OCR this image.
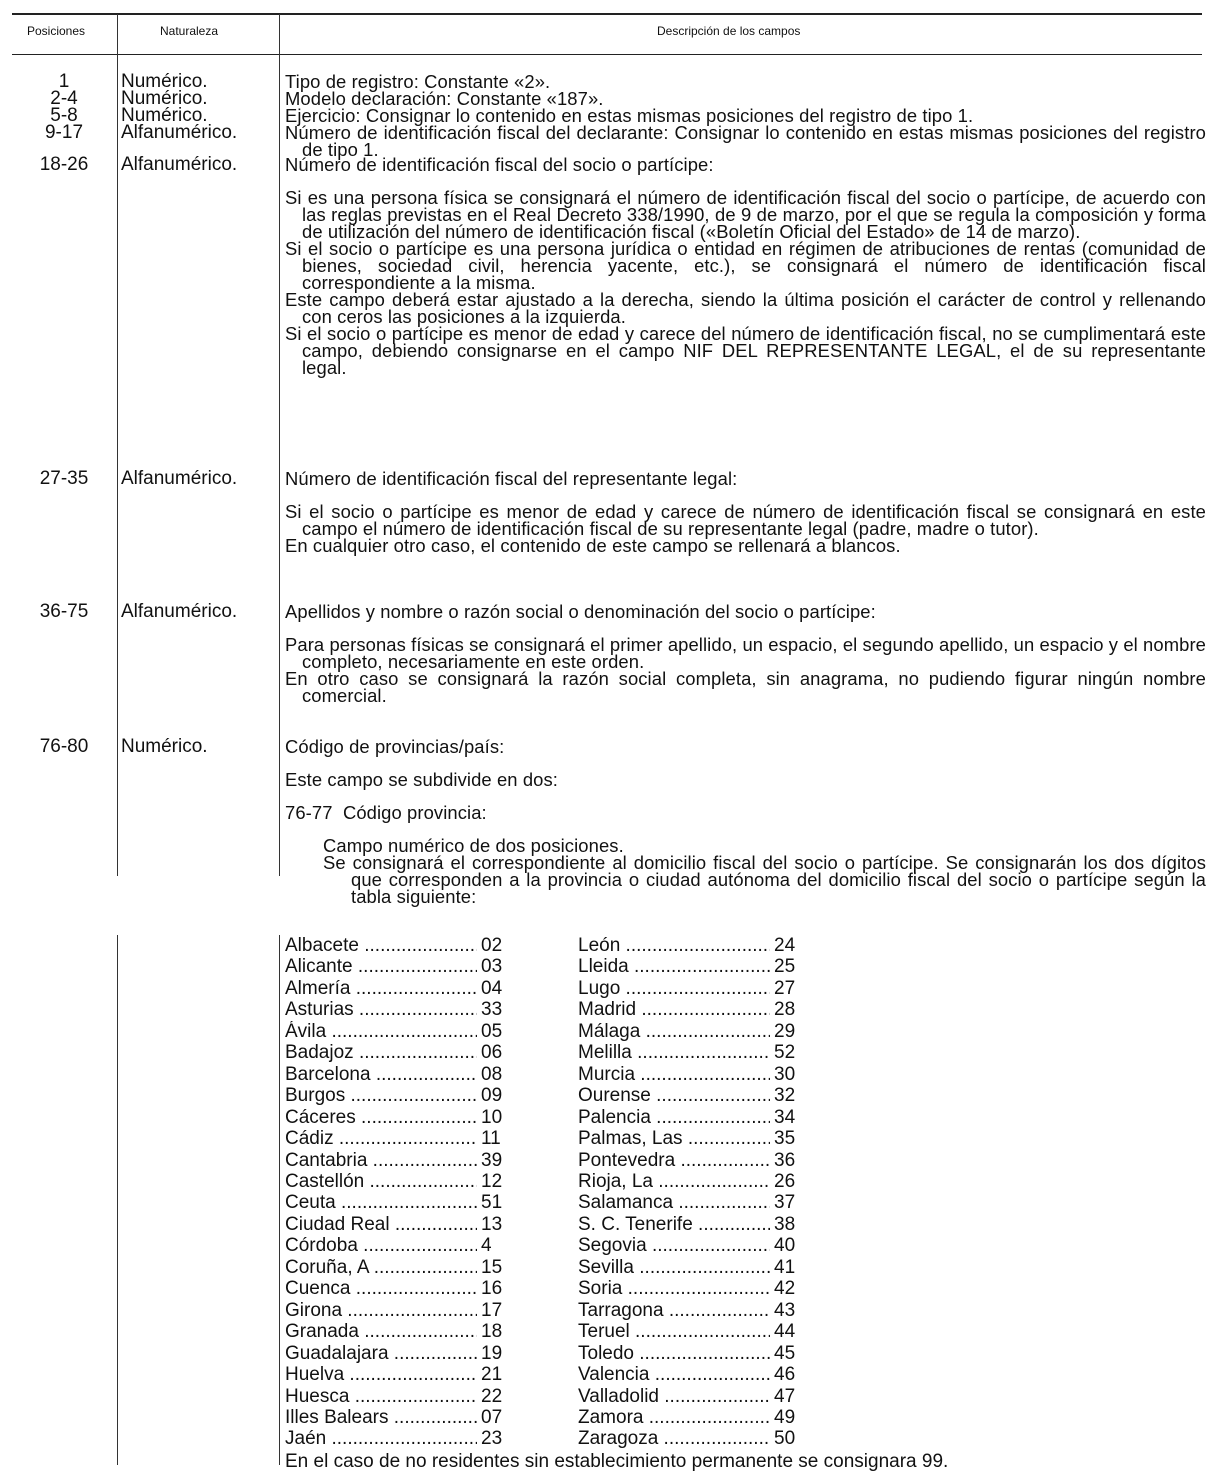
Posiciones	Naturaleza	Descripción de los campos
1	Numérico.	Tipo de registro: Constante «2».
2-4	Numérico.	Modelo declaración: Constante «187».
5-8	Numérico.	Ejercicio: Consignar lo contenido en estas mismas posiciones del registro de tipo 1.
9-17	Alfanumérico.	Número de identificación fiscal del declarante: Consignar lo contenido en estas mismas posiciones del registro de tipo 1.
18-26	Alfanumérico.	Número de identificación fiscal del socio o partícipe:
Si es una persona física se consignará el número de identificación fiscal del socio o partícipe, de acuerdo con las reglas previstas en el Real Decreto 338/1990, de 9 de marzo, por el que se regula la composición y forma de utilización del número de identificación fiscal («Boletín Oficial del Estado» de 14 de marzo).
Si el socio o partícipe es una persona jurídica o entidad en régimen de atribuciones de rentas (comunidad de bienes, sociedad civil, herencia yacente, etc.), se consignará el número de identificación fiscal correspondiente a la misma.
Este campo deberá estar ajustado a la derecha, siendo la última posición el carácter de control y rellenando con ceros las posiciones a la izquierda.
Si el socio o partícipe es menor de edad y carece del número de identificación fiscal, no se cumplimentará este campo, debiendo consignarse en el campo NIF DEL REPRESENTANTE LEGAL, el de su representante legal.
27-35	Alfanumérico.	Número de identificación fiscal del representante legal:
Si el socio o partícipe es menor de edad y carece de número de identificación fiscal se consignará en este campo el número de identificación fiscal de su representante legal (padre, madre o tutor).
En cualquier otro caso, el contenido de este campo se rellenará a blancos.
36-75	Alfanumérico.	Apellidos y nombre o razón social o denominación del socio o partícipe:
Para personas físicas se consignará el primer apellido, un espacio, el segundo apellido, un espacio y el nombre completo, necesariamente en este orden.
En otro caso se consignará la razón social completa, sin anagrama, no pudiendo figurar ningún nombre comercial.
76-80	Numérico.	Código de provincias/país:
Este campo se subdivide en dos:
76-77  Código provincia:
Campo numérico de dos posiciones.
Se consignará el correspondiente al domicilio fiscal del socio o partícipe. Se consignarán los dos dígitos que corresponden a la provincia o ciudad autónoma del domicilio fiscal del socio o partícipe según la tabla siguiente:
Albacete .....	02
Alicante .....	03
Almería .....	04
Asturias .....	33
Ávila .....	05
Badajoz .....	06
Barcelona .....	08
Burgos .....	09
Cáceres .....	10
Cádiz .....	11
Cantabria .....	39
Castellón .....	12
Ceuta .....	51
Ciudad Real .....	13
Córdoba .....	4
Coruña, A .....	15
Cuenca .....	16
Girona .....	17
Granada .....	18
Guadalajara .....	19
Huelva .....	21
Huesca .....	22
Illes Balears .....	07
Jaén .....	23
León .....	24
Lleida .....	25
Lugo .....	27
Madrid .....	28
Málaga .....	29
Melilla .....	52
Murcia .....	30
Ourense .....	32
Palencia .....	34
Palmas, Las .....	35
Pontevedra .....	36
Rioja, La .....	26
Salamanca .....	37
S. C. Tenerife .....	38
Segovia .....	40
Sevilla .....	41
Soria .....	42
Tarragona .....	43
Teruel .....	44
Toledo .....	45
Valencia .....	46
Valladolid .....	47
Zamora .....	49
Zaragoza .....	50
En el caso de no residentes sin establecimiento permanente se consignara 99.
